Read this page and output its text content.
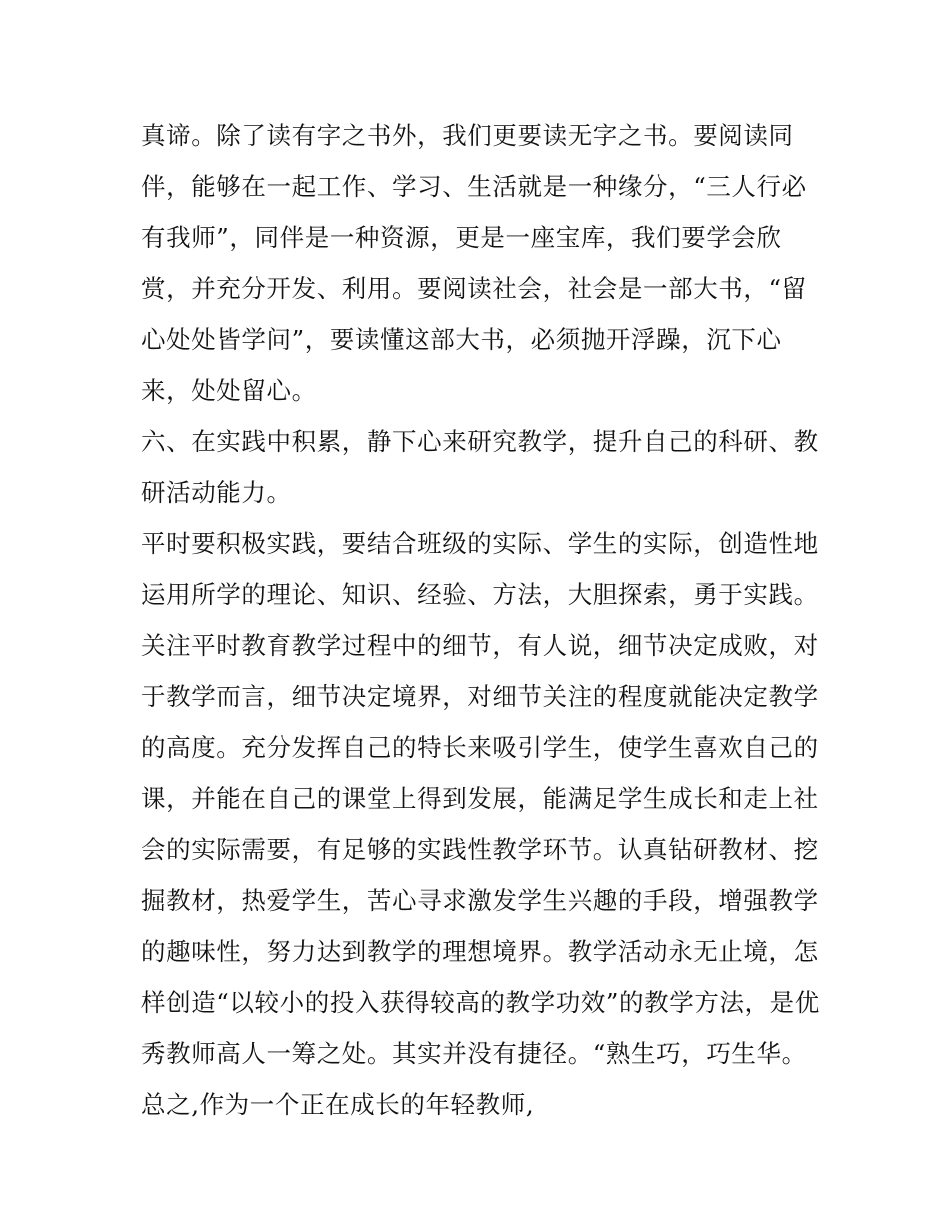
真谛。除了读有字之书外，我们更要读无字之书。要阅读同
伴，能够在一起工作、学习、生活就是一种缘分，“三人行必
有我师”，同伴是一种资源，更是一座宝库，我们要学会欣
赏，并充分开发、利用。要阅读社会，社会是一部大书，“留
心处处皆学问”，要读懂这部大书，必须抛开浮躁，沉下心
来，处处留心。
六、在实践中积累，静下心来研究教学，提升自己的科研、教
研活动能力。
平时要积极实践，要结合班级的实际、学生的实际，创造性地
运用所学的理论、知识、经验、方法，大胆探索，勇于实践。
关注平时教育教学过程中的细节，有人说，细节决定成败，对
于教学而言，细节决定境界，对细节关注的程度就能决定教学
的高度。充分发挥自己的特长来吸引学生，使学生喜欢自己的
课，并能在自己的课堂上得到发展，能满足学生成长和走上社
会的实际需要，有足够的实践性教学环节。认真钻研教材、挖
掘教材，热爱学生，苦心寻求激发学生兴趣的手段，增强教学
的趣味性，努力达到教学的理想境界。教学活动永无止境，怎
样创造“以较小的投入获得较高的教学功效”的教学方法，是优
秀教师高人一筹之处。其实并没有捷径。“熟生巧，巧生华。
总之,作为一个正在成长的年轻教师,
